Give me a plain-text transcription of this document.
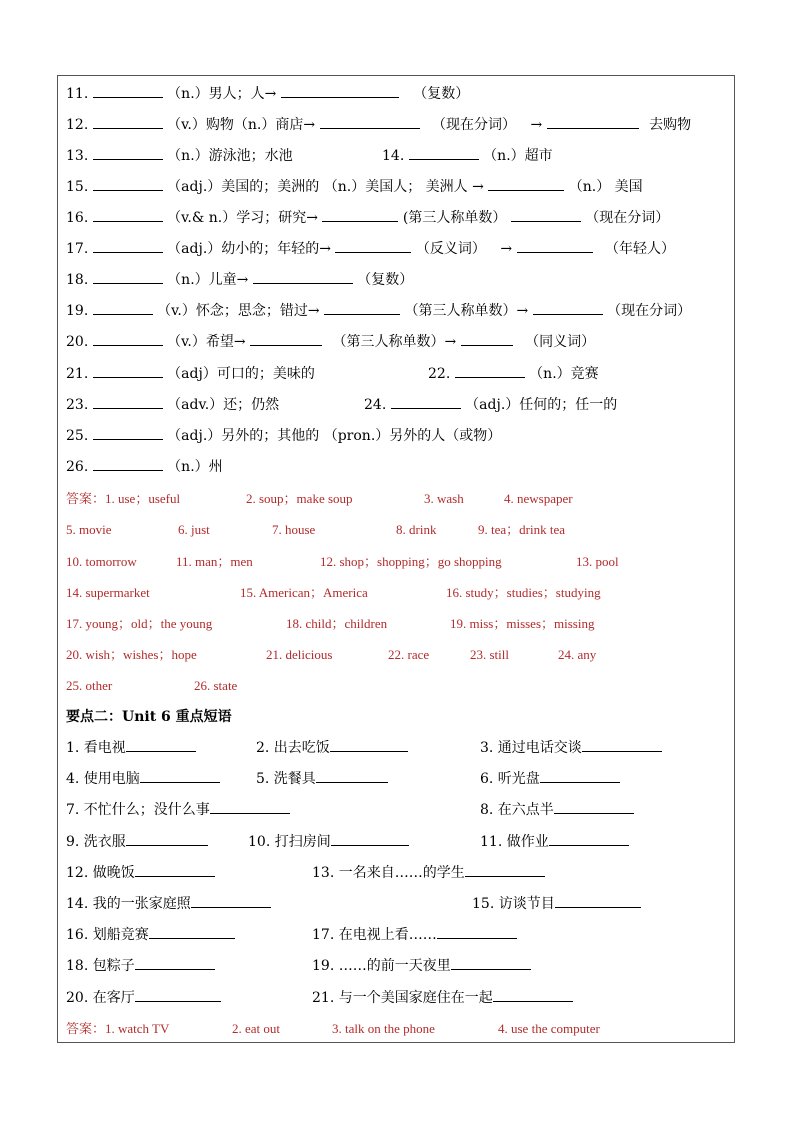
11.	（n.）男人；人→	（复数）
12.	（v.）购物（n.）商店→	（现在分词） →	去购物
13.	（n.）游泳池；水池	14.	（n.）超市
15.	（adj.）美国的；美洲的 （n.）美国人； 美洲人 →	（n.） 美国
16.	（v.& n.）学习；研究→	(第三人称单数）	（现在分词）
17.	（adj.）幼小的；年轻的→	（反义词） →	（年轻人）
18.	（n.）儿童→	（复数）
19.	（v.）怀念；思念；错过→	（第三人称单数）→	（现在分词）
20.	（v.）希望→	（第三人称单数）→	（同义词）
21.	（adj）可口的；美味的	22.	（n.）竞赛
23.	（adv.）还；仍然	24.	（adj.）任何的；任一的
25.	（adj.）另外的；其他的 （pron.）另外的人（或物）
26.	（n.）州
答案：1. use；useful	2. soup；make soup	3. wash	4. newspaper
5. movie	6. just	7. house	8. drink	9. tea；drink tea
10. tomorrow	11. man；men	12. shop；shopping；go shopping	13. pool
14. supermarket	15. American；America	16. study；studies；studying
17. young；old；the young	18. child；children	19. miss；misses；missing
20. wish；wishes；hope	21. delicious	22. race	23. still	24. any
25. other	26. state
要点二：Unit 6 重点短语
1. 看电视	2. 出去吃饭	3. 通过电话交谈
4. 使用电脑	5. 洗餐具	6. 听光盘
7. 不忙什么；没什么事	8. 在六点半
9. 洗衣服	10. 打扫房间	11. 做作业
12. 做晚饭	13. 一名来自……的学生
14. 我的一张家庭照	15. 访谈节目
16. 划船竞赛	17. 在电视上看……
18. 包粽子	19. ……的前一天夜里
20. 在客厅	21. 与一个美国家庭住在一起
答案：1. watch TV	2. eat out	3. talk on the phone	4. use the computer
